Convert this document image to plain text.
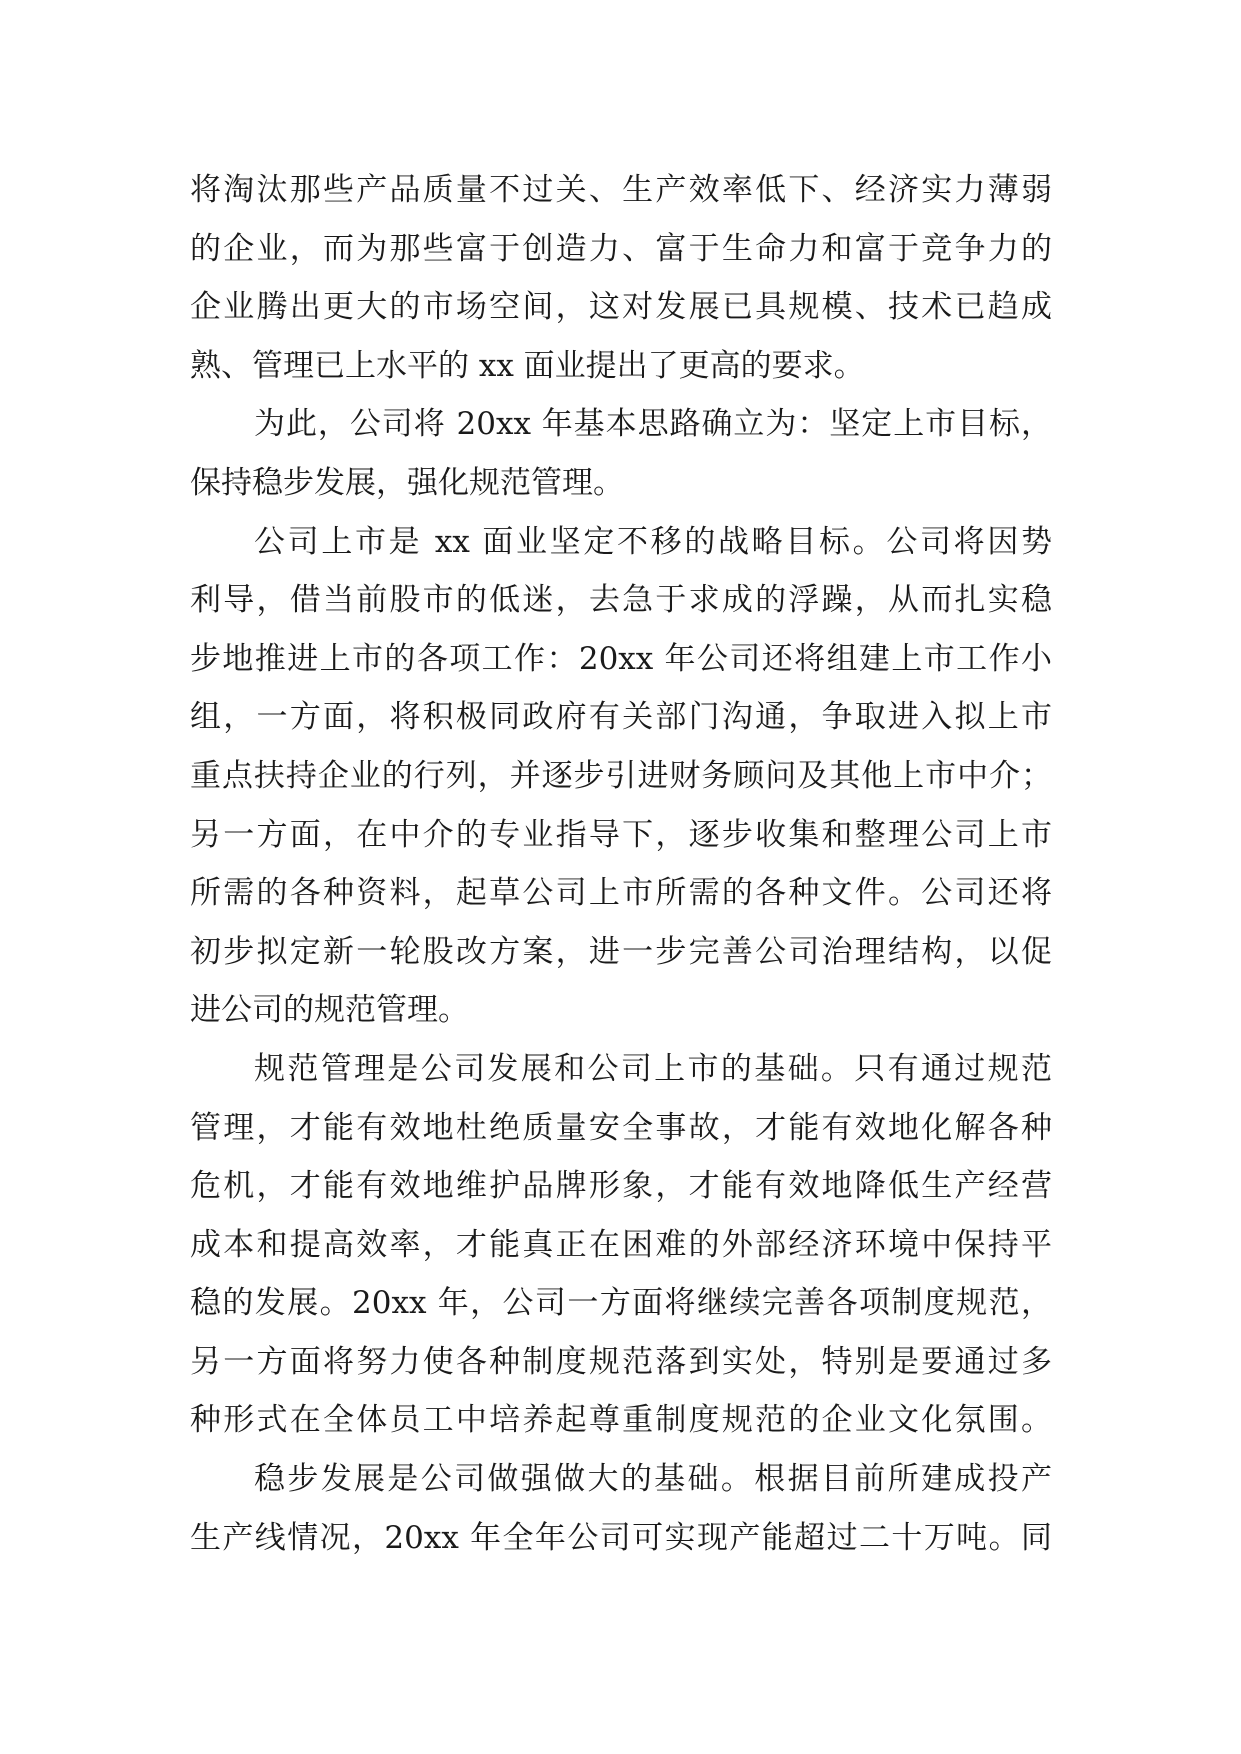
将淘汰那些产品质量不过关、生产效率低下、经济实力薄弱
的企业，而为那些富于创造力、富于生命力和富于竞争力的
企业腾出更大的市场空间，这对发展已具规模、技术已趋成
熟、管理已上水平的 xx 面业提出了更高的要求。
为此，公司将 20xx 年基本思路确立为：坚定上市目标，
保持稳步发展，强化规范管理。
公司上市是 xx 面业坚定不移的战略目标。公司将因势
利导，借当前股市的低迷，去急于求成的浮躁，从而扎实稳
步地推进上市的各项工作：20xx 年公司还将组建上市工作小
组，一方面，将积极同政府有关部门沟通，争取进入拟上市
重点扶持企业的行列，并逐步引进财务顾问及其他上市中介；
另一方面，在中介的专业指导下，逐步收集和整理公司上市
所需的各种资料，起草公司上市所需的各种文件。公司还将
初步拟定新一轮股改方案，进一步完善公司治理结构，以促
进公司的规范管理。
规范管理是公司发展和公司上市的基础。只有通过规范
管理，才能有效地杜绝质量安全事故，才能有效地化解各种
危机，才能有效地维护品牌形象，才能有效地降低生产经营
成本和提高效率，才能真正在困难的外部经济环境中保持平
稳的发展。20xx 年，公司一方面将继续完善各项制度规范，
另一方面将努力使各种制度规范落到实处，特别是要通过多
种形式在全体员工中培养起尊重制度规范的企业文化氛围。
稳步发展是公司做强做大的基础。根据目前所建成投产
生产线情况，20xx 年全年公司可实现产能超过二十万吨。同
